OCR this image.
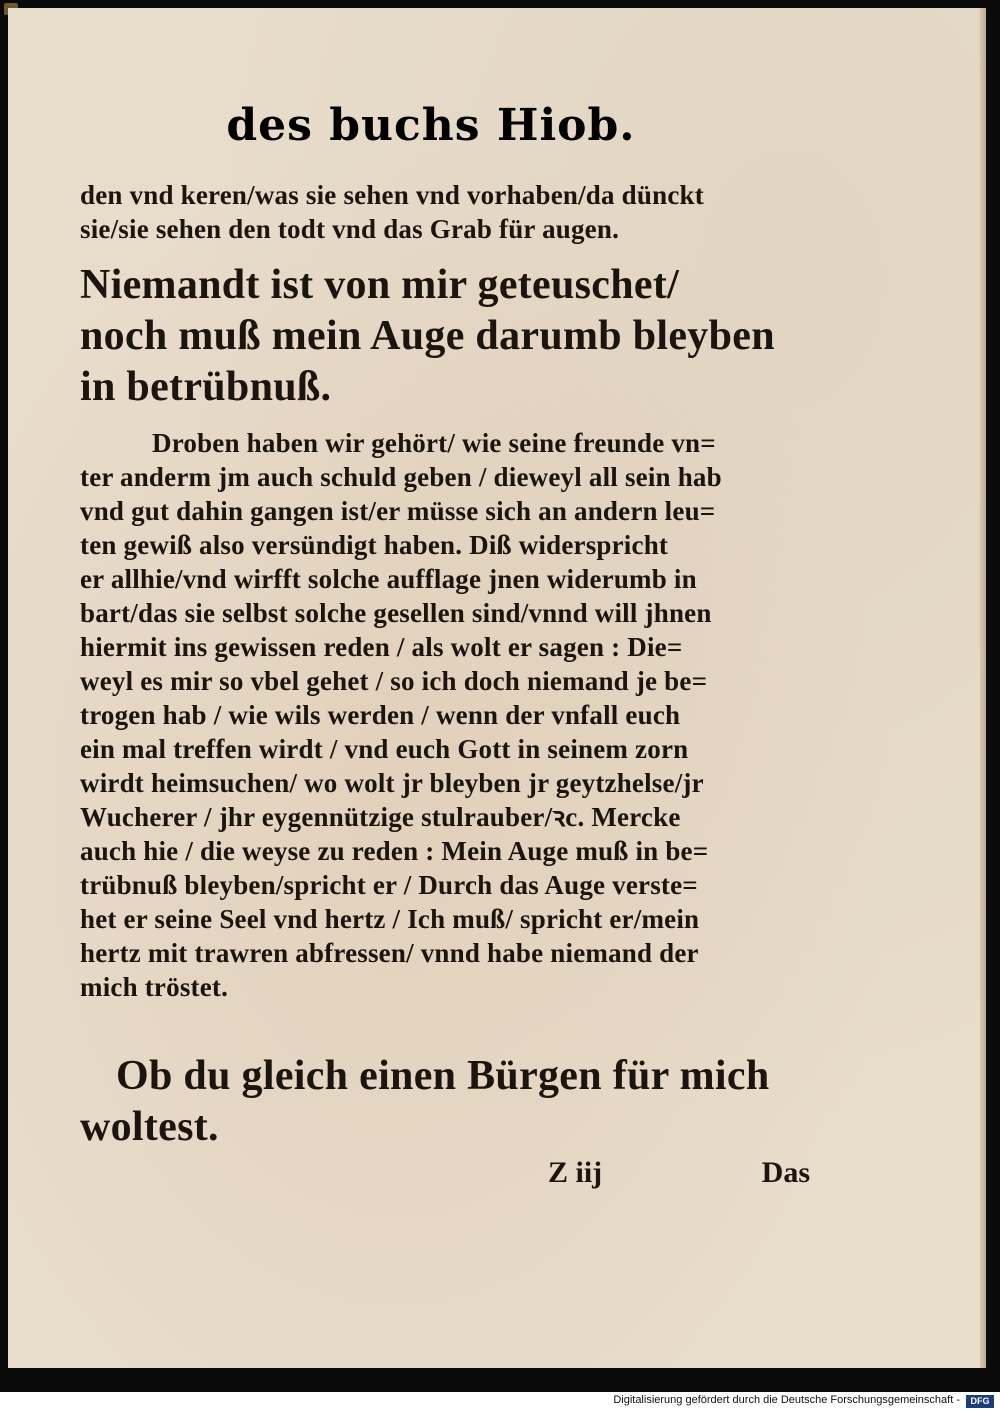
des buchs Hiob.
den vnd keren/was sie sehen vnd vorhaben/da dünckt
sie/sie sehen den todt vnd das Grab für augen.
Niemandt ist von mir geteuschet/
noch muß mein Auge darumb bleyben
in betrübnuß.
Droben haben wir gehört/ wie seine freunde vn=
ter anderm jm auch schuld geben / dieweyl all sein hab
vnd gut dahin gangen ist/er müsse sich an andern leu=
ten gewiß also versündigt haben. Diß widerspricht
er allhie/vnd wirfft solche aufflage jnen widerumb in
bart/das sie selbst solche gesellen sind/vnnd will jhnen
hiermit ins gewissen reden / als wolt er sagen : Die=
weyl es mir so vbel gehet / so ich doch niemand je be=
trogen hab / wie wils werden / wenn der vnfall euch
ein mal treffen wirdt / vnd euch Gott in seinem zorn
wirdt heimsuchen/ wo wolt jr bleyben jr geytzhelse/jr
Wucherer / jhr eygennützige stulrauber/ꝛc. Mercke
auch hie / die weyse zu reden : Mein Auge muß in be=
trübnuß bleyben/spricht er / Durch das Auge verste=
het er seine Seel vnd hertz / Ich muß/ spricht er/mein
hertz mit trawren abfressen/ vnnd habe niemand der
mich tröstet.
Ob du gleich einen Bürgen für mich
woltest.
Z iij	Das
Digitalisierung gefördert durch die Deutsche Forschungsgemeinschaft -	DFG
